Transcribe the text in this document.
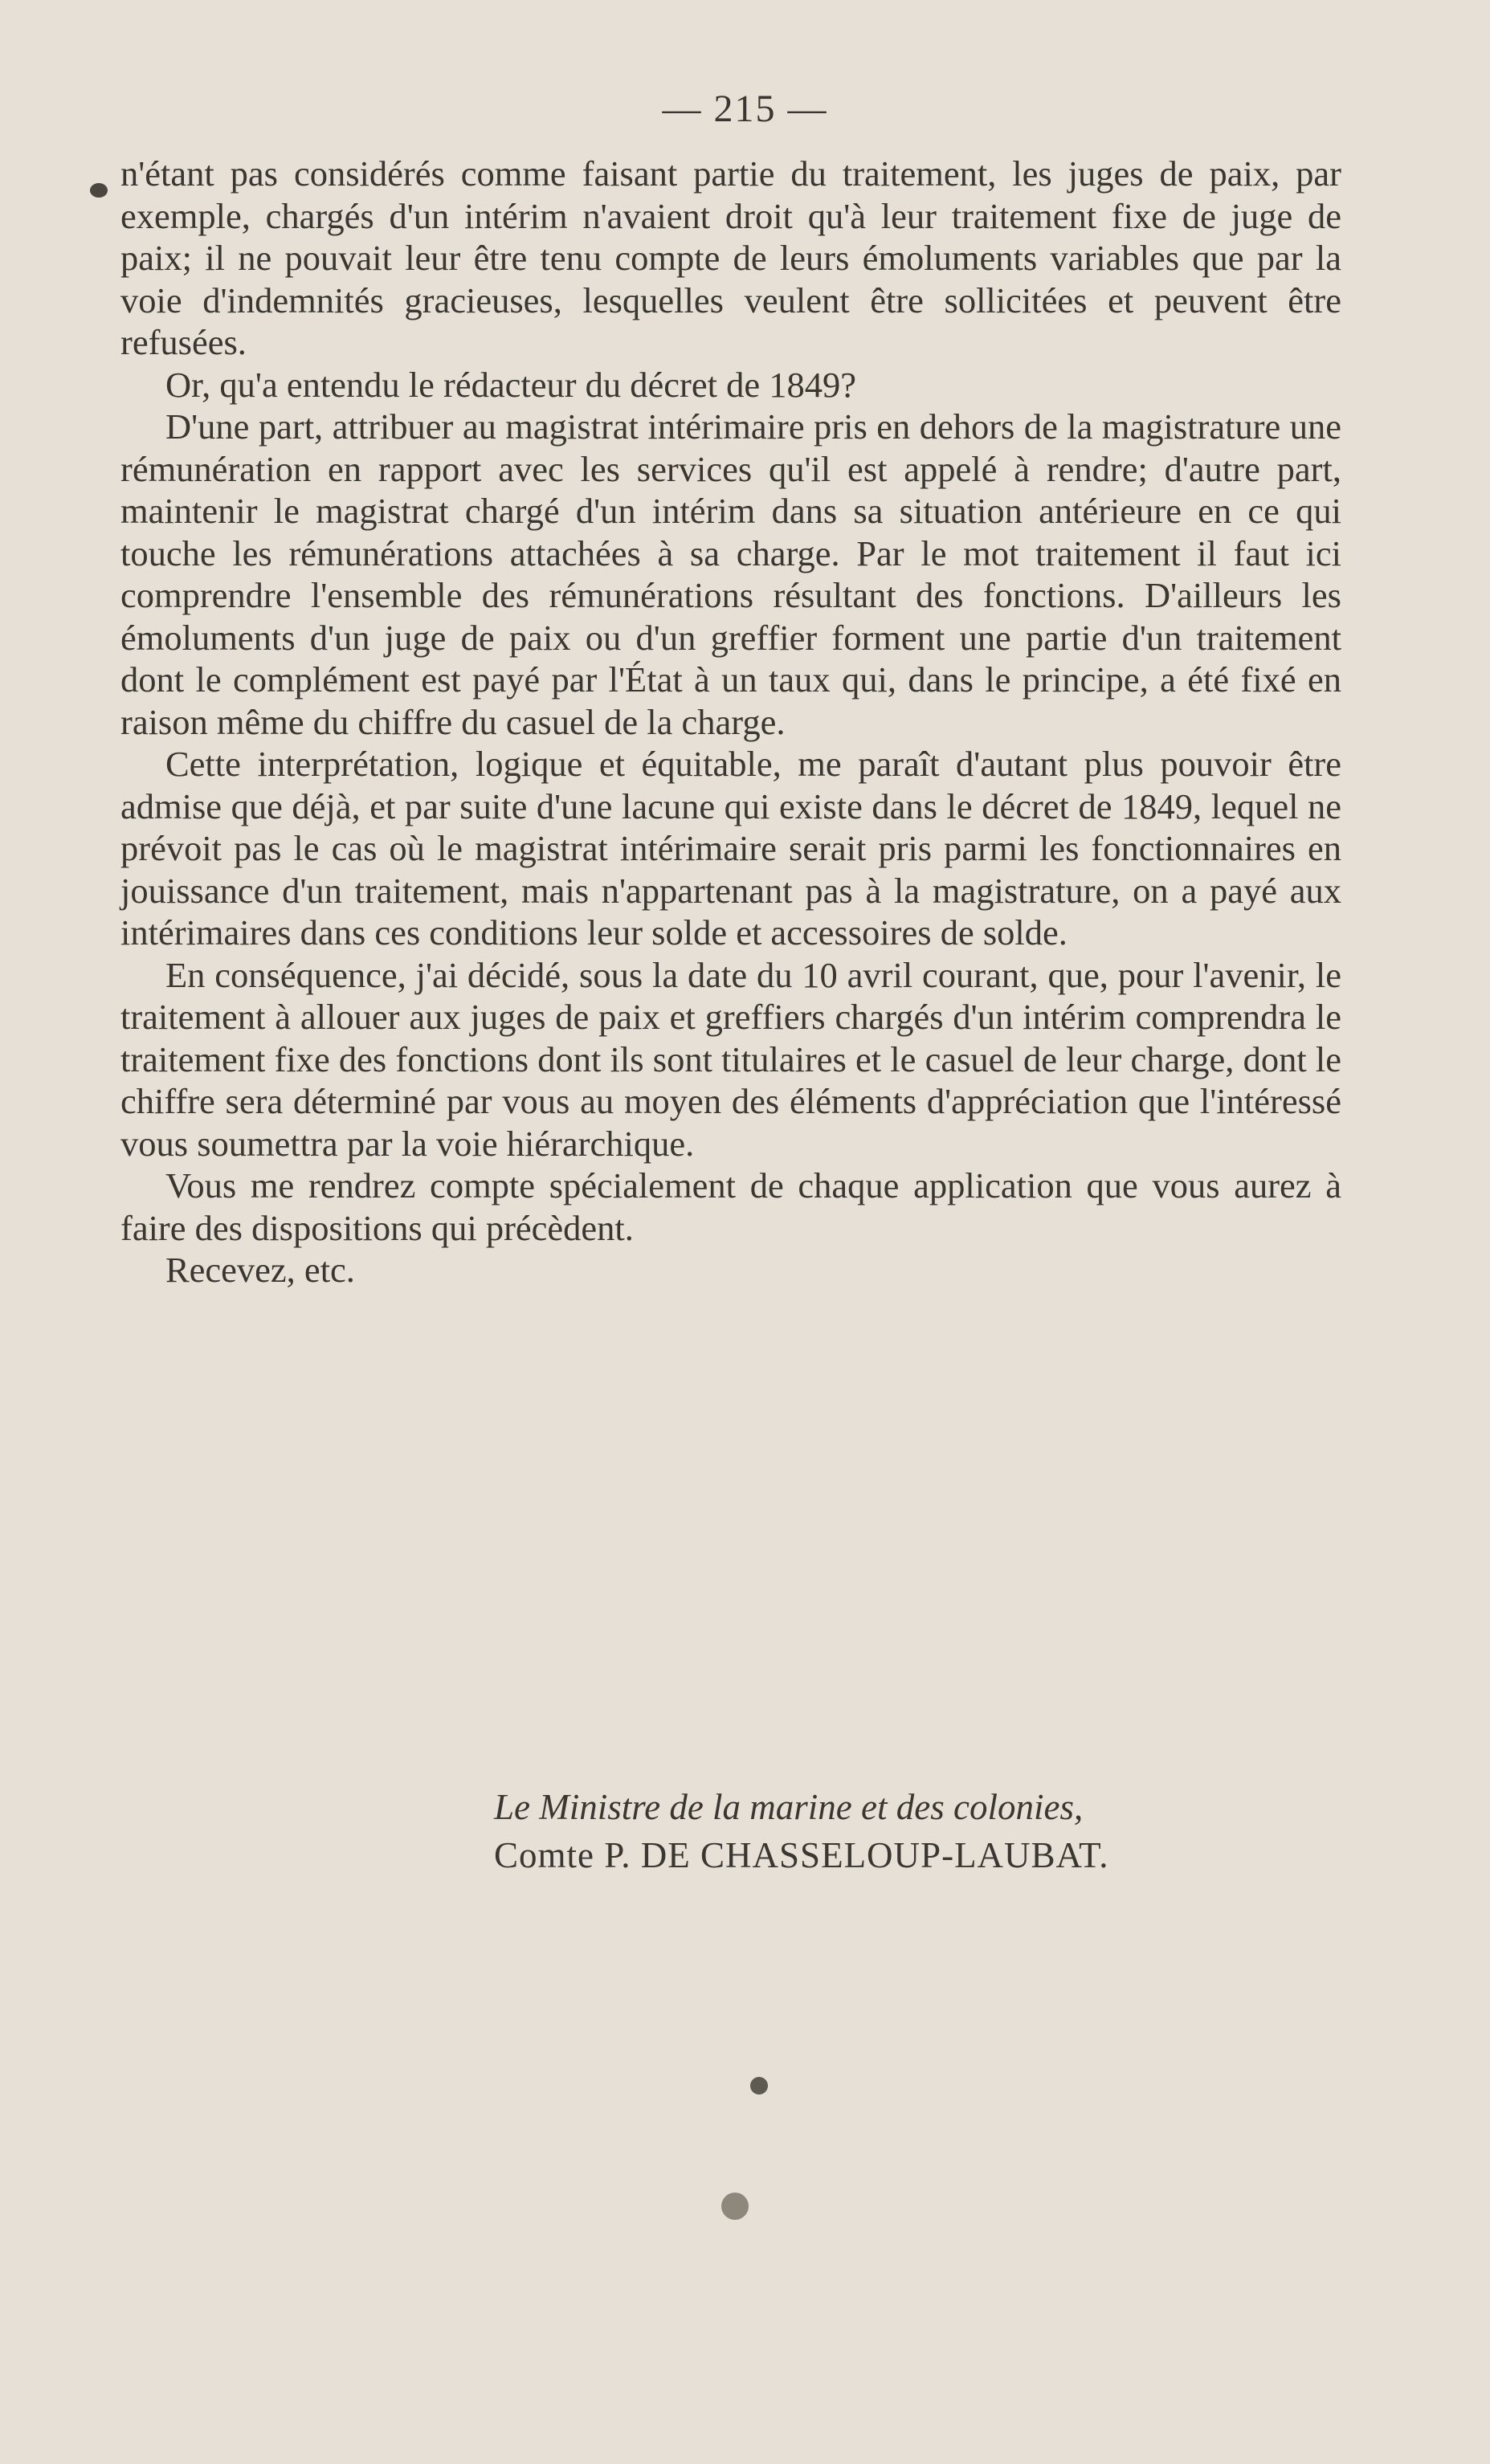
— 215 —

n'étant pas considérés comme faisant partie du traitement, les juges de paix, par exemple, chargés d'un intérim n'avaient droit qu'à leur traitement fixe de juge de paix; il ne pouvait leur être tenu compte de leurs émoluments variables que par la voie d'indemnités gracieuses, lesquelles veulent être sollicitées et peuvent être refusées.

Or, qu'a entendu le rédacteur du décret de 1849?

D'une part, attribuer au magistrat intérimaire pris en dehors de la magistrature une rémunération en rapport avec les services qu'il est appelé à rendre; d'autre part, maintenir le magistrat chargé d'un intérim dans sa situation antérieure en ce qui touche les rémunérations attachées à sa charge. Par le mot traitement il faut ici comprendre l'ensemble des rémunérations résultant des fonctions. D'ailleurs les émoluments d'un juge de paix ou d'un greffier forment une partie d'un traitement dont le complément est payé par l'État à un taux qui, dans le principe, a été fixé en raison même du chiffre du casuel de la charge.

Cette interprétation, logique et équitable, me paraît d'autant plus pouvoir être admise que déjà, et par suite d'une lacune qui existe dans le décret de 1849, lequel ne prévoit pas le cas où le magistrat intérimaire serait pris parmi les fonctionnaires en jouissance d'un traitement, mais n'appartenant pas à la magistrature, on a payé aux intérimaires dans ces conditions leur solde et accessoires de solde.

En conséquence, j'ai décidé, sous la date du 10 avril courant, que, pour l'avenir, le traitement à allouer aux juges de paix et greffiers chargés d'un intérim comprendra le traitement fixe des fonctions dont ils sont titulaires et le casuel de leur charge, dont le chiffre sera déterminé par vous au moyen des éléments d'appréciation que l'intéressé vous soumettra par la voie hiérarchique.

Vous me rendrez compte spécialement de chaque application que vous aurez à faire des dispositions qui précèdent.

Recevez, etc.

Le Ministre de la marine et des colonies,
Comte P. DE CHASSELOUP-LAUBAT.
